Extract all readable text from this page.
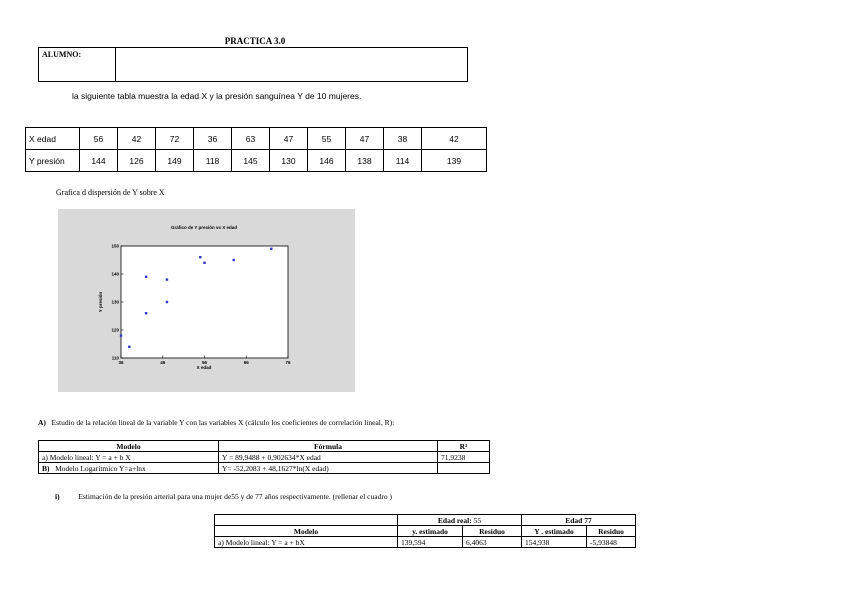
PRACTICA 3.0
ALUMNO:	
la siguiente tabla muestra la edad X y la presión sanguínea Y de 10 mujeres.
X edad	56	42	72	36	63	47	55	47	38	42
Y presión	144	126	149	118	145	130	146	138	114	139
Grafica d dispersión de Y sobre X
Gráfico de Y presión vs X edad
X edad
Y presión
36	46	56	66	76
110
120
130
140
150
A) Estudio de la relación lineal de la variable Y con las variables X (cálculo los coeficientes de correlación lineal, R):
Modelo	Fórmula	R²
a) Modelo lineal: Y = a + b X	Y = 89,9488 + 0,902634*X edad	71,9238
B) Modelo Logarítmico Y=a+lnx	Y= -52,2083 + 48,1627*ln(X edad)	
i)	Estimación de la presión arterial para una mujer de55 y de 77 años respectivamente. (rellenar el cuadro )
	Edad real: 55		Edad 77	
Modelo	y. estimado	Residuo	Y . estimado	Residuo
a) Modelo lineal: Y = a + bX	139,594	6,4063	154,938	-5,93848
